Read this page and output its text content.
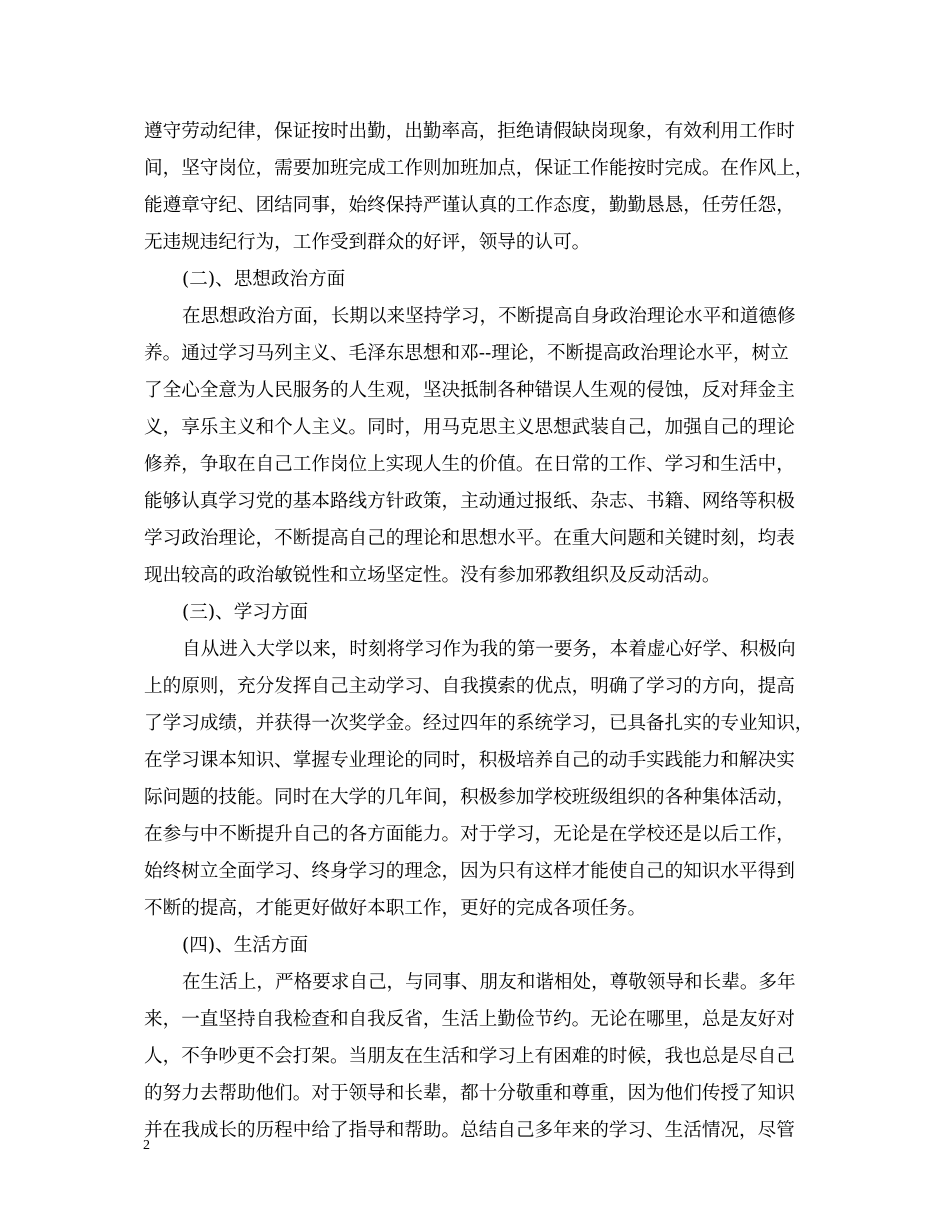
遵守劳动纪律，保证按时出勤，出勤率高，拒绝请假缺岗现象，有效利用工作时
间，坚守岗位，需要加班完成工作则加班加点，保证工作能按时完成。在作风上，
能遵章守纪、团结同事，始终保持严谨认真的工作态度，勤勤恳恳，任劳任怨，
无违规违纪行为，工作受到群众的好评，领导的认可。
(二)、思想政治方面
在思想政治方面，长期以来坚持学习，不断提高自身政治理论水平和道德修
养。通过学习马列主义、毛泽东思想和邓--理论，不断提高政治理论水平，树立
了全心全意为人民服务的人生观，坚决抵制各种错误人生观的侵蚀，反对拜金主
义，享乐主义和个人主义。同时，用马克思主义思想武装自己，加强自己的理论
修养，争取在自己工作岗位上实现人生的价值。在日常的工作、学习和生活中，
能够认真学习党的基本路线方针政策，主动通过报纸、杂志、书籍、网络等积极
学习政治理论，不断提高自己的理论和思想水平。在重大问题和关键时刻，均表
现出较高的政治敏锐性和立场坚定性。没有参加邪教组织及反动活动。
(三)、学习方面
自从进入大学以来，时刻将学习作为我的第一要务，本着虚心好学、积极向
上的原则，充分发挥自己主动学习、自我摸索的优点，明确了学习的方向，提高
了学习成绩，并获得一次奖学金。经过四年的系统学习，已具备扎实的专业知识，
在学习课本知识、掌握专业理论的同时，积极培养自己的动手实践能力和解决实
际问题的技能。同时在大学的几年间，积极参加学校班级组织的各种集体活动，
在参与中不断提升自己的各方面能力。对于学习，无论是在学校还是以后工作，
始终树立全面学习、终身学习的理念，因为只有这样才能使自己的知识水平得到
不断的提高，才能更好做好本职工作，更好的完成各项任务。
(四)、生活方面
在生活上，严格要求自己，与同事、朋友和谐相处，尊敬领导和长辈。多年
来，一直坚持自我检查和自我反省，生活上勤俭节约。无论在哪里，总是友好对
人，不争吵更不会打架。当朋友在生活和学习上有困难的时候，我也总是尽自己
的努力去帮助他们。对于领导和长辈，都十分敬重和尊重，因为他们传授了知识
并在我成长的历程中给了指导和帮助。总结自己多年来的学习、生活情况，尽管
2
